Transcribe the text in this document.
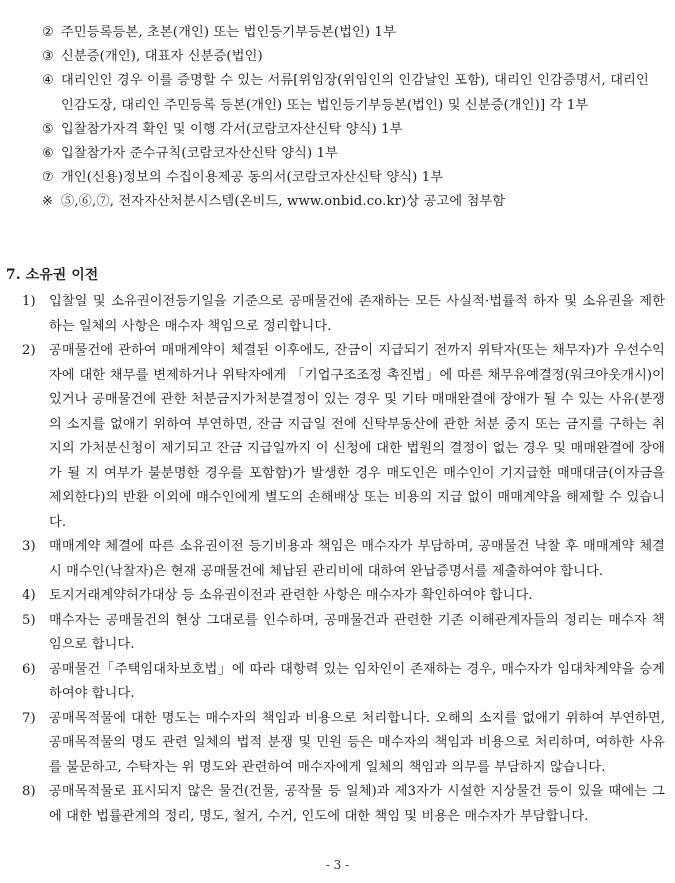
② 주민등록등본, 초본(개인) 또는 법인등기부등본(법인) 1부

③ 신분증(개인), 대표자 신분증(법인)

④ 대리인인 경우 이를 증명할 수 있는 서류[위임장(위임인의 인감날인 포함), 대리인 인감증명서, 대리인 인감도장, 대리인 주민등록 등본(개인) 또는 법인등기부등본(법인) 및 신분증(개인)] 각 1부

⑤ 입찰참가자격 확인 및 이행 각서(코람코자산신탁 양식) 1부

⑥ 입찰참가자 준수규칙(코람코자산신탁 양식) 1부

⑦ 개인(신용)정보의 수집이용제공 동의서(코람코자산신탁 양식) 1부

※ ⑤,⑥,⑦, 전자자산처분시스템(온비드, www.onbid.co.kr)상 공고에 첨부함

7. 소유권 이전

1) 입찰일 및 소유권이전등기일을 기준으로 공매물건에 존재하는 모든 사실적·법률적 하자 및 소유권을 제한하는 일체의 사항은 매수자 책임으로 정리합니다.

2) 공매물건에 관하여 매매계약이 체결된 이후에도, 잔금이 지급되기 전까지 위탁자(또는 채무자)가 우선수익자에 대한 채무를 변제하거나 위탁자에게 「기업구조조정 촉진법」에 따른 채무유예결정(워크아웃개시)이 있거나 공매물건에 관한 처분금지가처분결정이 있는 경우 및 기타 매매완결에 장애가 될 수 있는 사유(분쟁의 소지를 없애기 위하여 부연하면, 잔금 지급일 전에 신탁부동산에 관한 처분 중지 또는 금지를 구하는 취지의 가처분신청이 제기되고 잔금 지급일까지 이 신청에 대한 법원의 결정이 없는 경우 및 매매완결에 장애가 될 지 여부가 불분명한 경우를 포함함)가 발생한 경우 매도인은 매수인이 기지급한 매매대금(이자금을 제외한다)의 반환 이외에 매수인에게 별도의 손해배상 또는 비용의 지급 없이 매매계약을 해제할 수 있습니다.

3) 매매계약 체결에 따른 소유권이전 등기비용과 책임은 매수자가 부담하며, 공매물건 낙찰 후 매매계약 체결 시 매수인(낙찰자)은 현재 공매물건에 체납된 관리비에 대하여 완납증명서를 제출하여야 합니다.

4) 토지거래계약허가대상 등 소유권이전과 관련한 사항은 매수자가 확인하여야 합니다.

5) 매수자는 공매물건의 현상 그대로를 인수하며, 공매물건과 관련한 기존 이해관계자들의 정리는 매수자 책임으로 합니다.

6) 공매물건「주택임대차보호법」에 따라 대항력 있는 임차인이 존재하는 경우, 매수자가 임대차계약을 승계하여야 합니다.

7) 공매목적물에 대한 명도는 매수자의 책임과 비용으로 처리합니다. 오해의 소지를 없애기 위하여 부연하면, 공매목적물의 명도 관련 일체의 법적 분쟁 및 민원 등은 매수자의 책임과 비용으로 처리하며, 여하한 사유를 불문하고, 수탁자는 위 명도와 관련하여 매수자에게 일체의 책임과 의무를 부담하지 않습니다.

8) 공매목적물로 표시되지 않은 물건(건물, 공작물 등 일체)과 제3자가 시설한 지상물건 등이 있을 때에는 그에 대한 법률관계의 정리, 명도, 철거, 수거, 인도에 대한 책임 및 비용은 매수자가 부담합니다.

- 3 -
